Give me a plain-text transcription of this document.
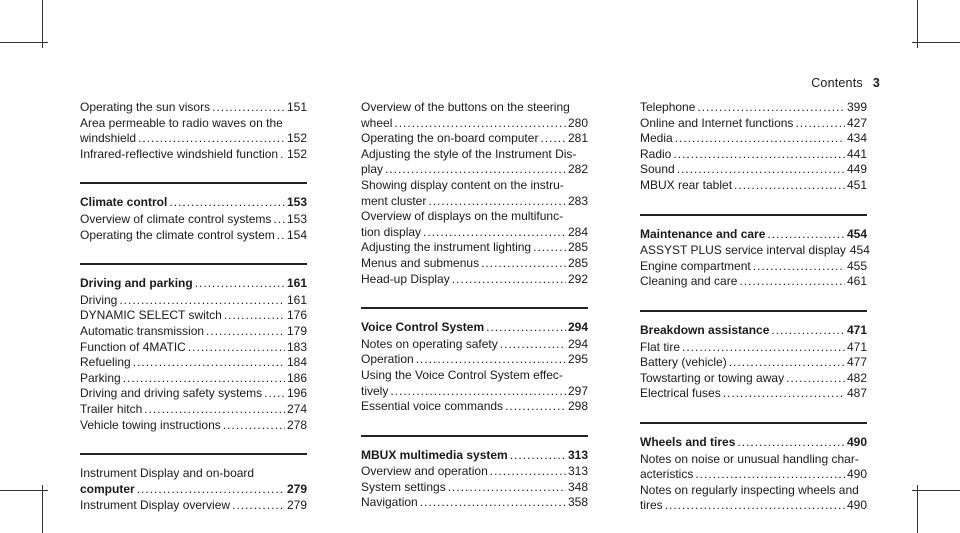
Contents 3
Operating the sun visors .....	151
Area permeable to radio waves on the
windshield .....	152
Infrared-reflective windshield function ..... 152
Climate control .....	153
Overview of climate control systems ..... 153
Operating the climate control system ..... 154
Driving and parking .....	161
Driving .....	161
DYNAMIC SELECT switch .....	176
Automatic transmission .....	179
Function of 4MATIC .....	183
Refueling .....	184
Parking .....	186
Driving and driving safety systems ..... 196
Trailer hitch .....	274
Vehicle towing instructions .....	278
Instrument Display and on-board
computer .....	279
Instrument Display overview .....	279
Overview of the buttons on the steering
wheel .....	280
Operating the on-board computer ..... 281
Adjusting the style of the Instrument Dis-
play .....	282
Showing display content on the instru-
ment cluster .....	283
Overview of displays on the multifunc-
tion display .....	284
Adjusting the instrument lighting .....	285
Menus and submenus .....	285
Head-up Display .....	292
Voice Control System .....	294
Notes on operating safety .....	294
Operation .....	295
Using the Voice Control System effec-
tively .....	297
Essential voice commands .....	298
MBUX multimedia system .....	313
Overview and operation .....	313
System settings .....	348
Navigation .....	358
Telephone .....	399
Online and Internet functions .....	427
Media .....	434
Radio .....	441
Sound .....	449
MBUX rear tablet .....	451
Maintenance and care .....	454
ASSYST PLUS service interval display 454
Engine compartment .....	455
Cleaning and care .....	461
Breakdown assistance .....	471
Flat tire .....	471
Battery (vehicle) .....	477
Towstarting or towing away .....	482
Electrical fuses .....	487
Wheels and tires .....	490
Notes on noise or unusual handling char-
acteristics .....	490
Notes on regularly inspecting wheels and
tires .....	490
